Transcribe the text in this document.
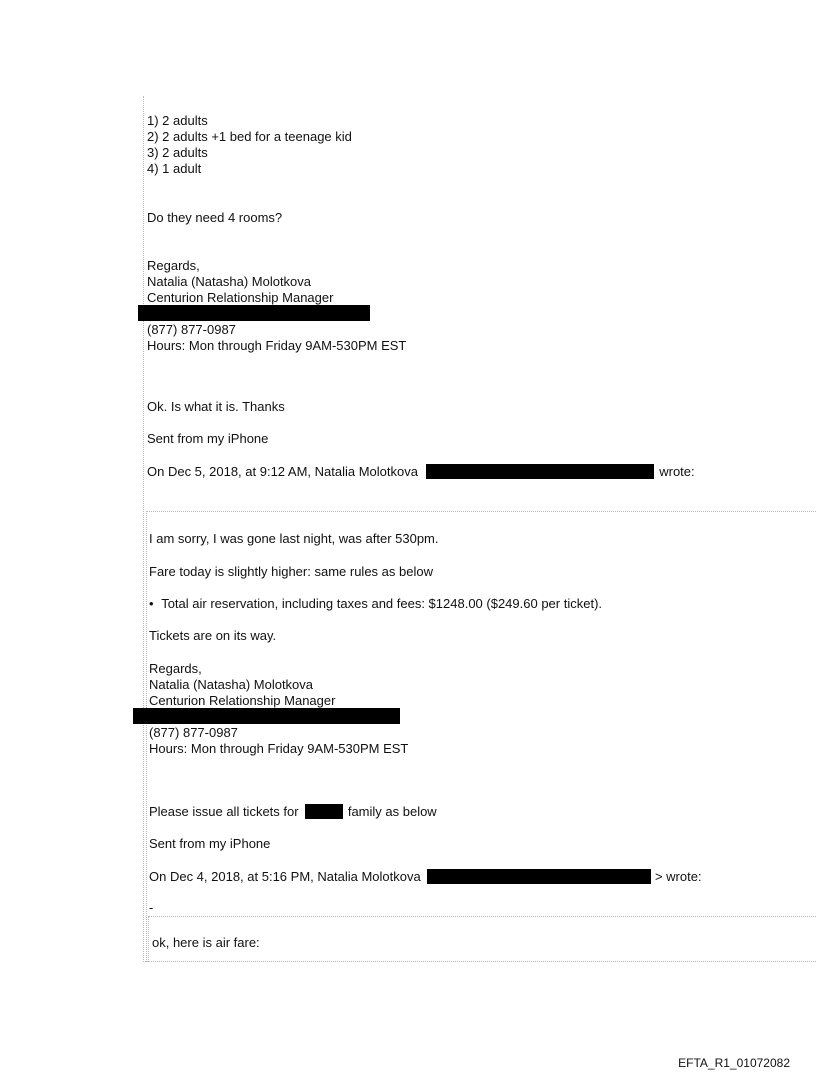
1) 2 adults
2) 2 adults +1 bed for a teenage kid
3) 2 adults
4) 1 adult
Do they need 4 rooms?
Regards,
Natalia (Natasha) Molotkova
Centurion Relationship Manager
(877) 877-0987
Hours: Mon through Friday 9AM-530PM EST
Ok. Is what it is. Thanks
Sent from my iPhone
On Dec 5, 2018, at 9:12 AM, Natalia Molotkova	wrote:
I am sorry, I was gone last night, was after 530pm.
Fare today is slightly higher: same rules as below
• Total air reservation, including taxes and fees: $1248.00 ($249.60 per ticket).
Tickets are on its way.
Regards,
Natalia (Natasha) Molotkova
Centurion Relationship Manager
(877) 877-0987
Hours: Mon through Friday 9AM-530PM EST
Please issue all tickets for	family as below
Sent from my iPhone
On Dec 4, 2018, at 5:16 PM, Natalia Molotkova	> wrote:
-
ok, here is air fare:
EFTA_R1_01072082
